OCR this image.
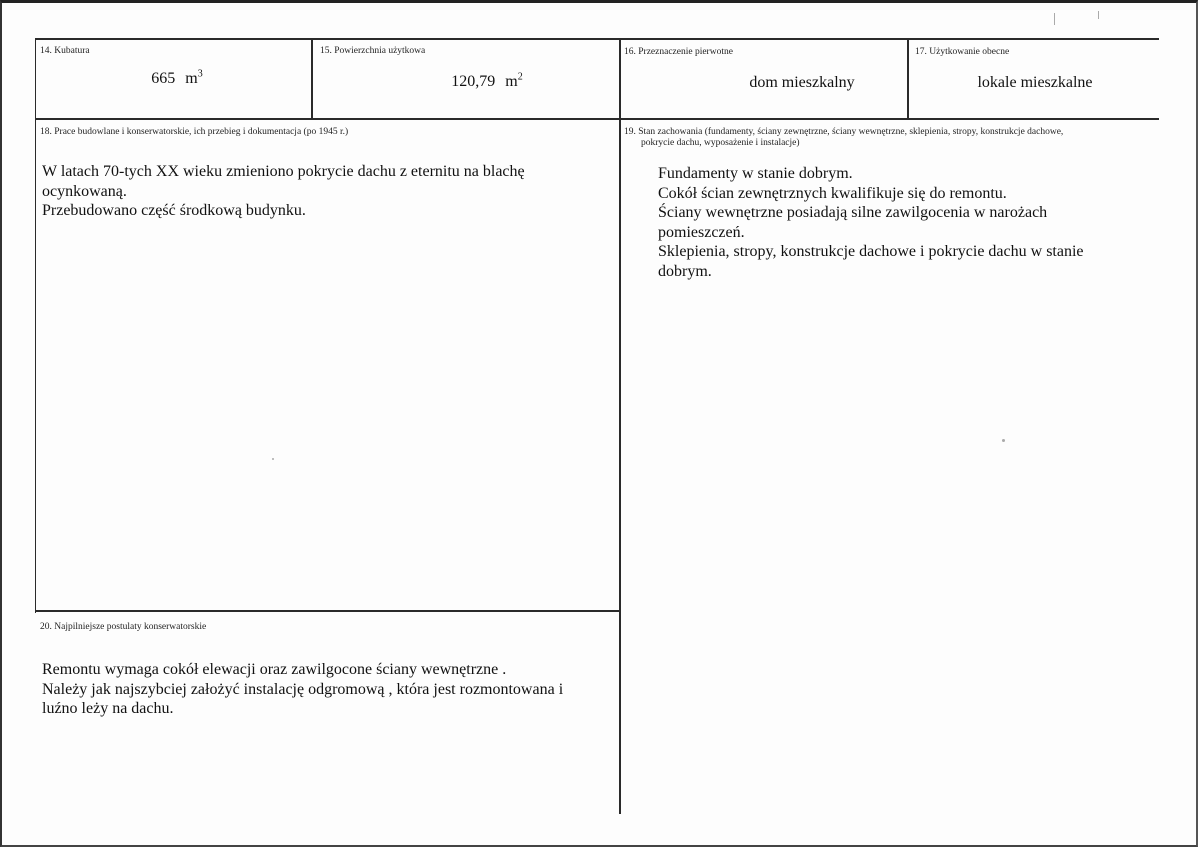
14. Kubatura
665 $m^3$
15. Powierzchnia użytkowa
120,79 $m^2$
16. Przeznaczenie pierwotne
dom mieszkalny
17. Użytkowanie obecne
lokale mieszkalne
18. Prace budowlane i konserwatorskie, ich przebieg i dokumentacja (po 1945 r.)
W latach 70-tych XX wieku zmieniono pokrycie dachu z eternitu na blachę
ocynkowaną.
Przebudowano część środkową budynku.
19. Stan zachowania (fundamenty, ściany zewnętrzne, ściany wewnętrzne, sklepienia, stropy, konstrukcje dachowe,
pokrycie dachu, wyposażenie i instalacje)
Fundamenty w stanie dobrym.
Cokół ścian zewnętrznych kwalifikuje się do remontu.
Ściany wewnętrzne posiadają silne zawilgocenia w narożach
pomieszczeń.
Sklepienia, stropy, konstrukcje dachowe i pokrycie dachu w stanie
dobrym.
20. Najpilniejsze postulaty konserwatorskie
Remontu wymaga cokół elewacji oraz zawilgocone ściany wewnętrzne .
Należy jak najszybciej założyć instalację odgromową , która jest rozmontowana i
luźno leży na dachu.
